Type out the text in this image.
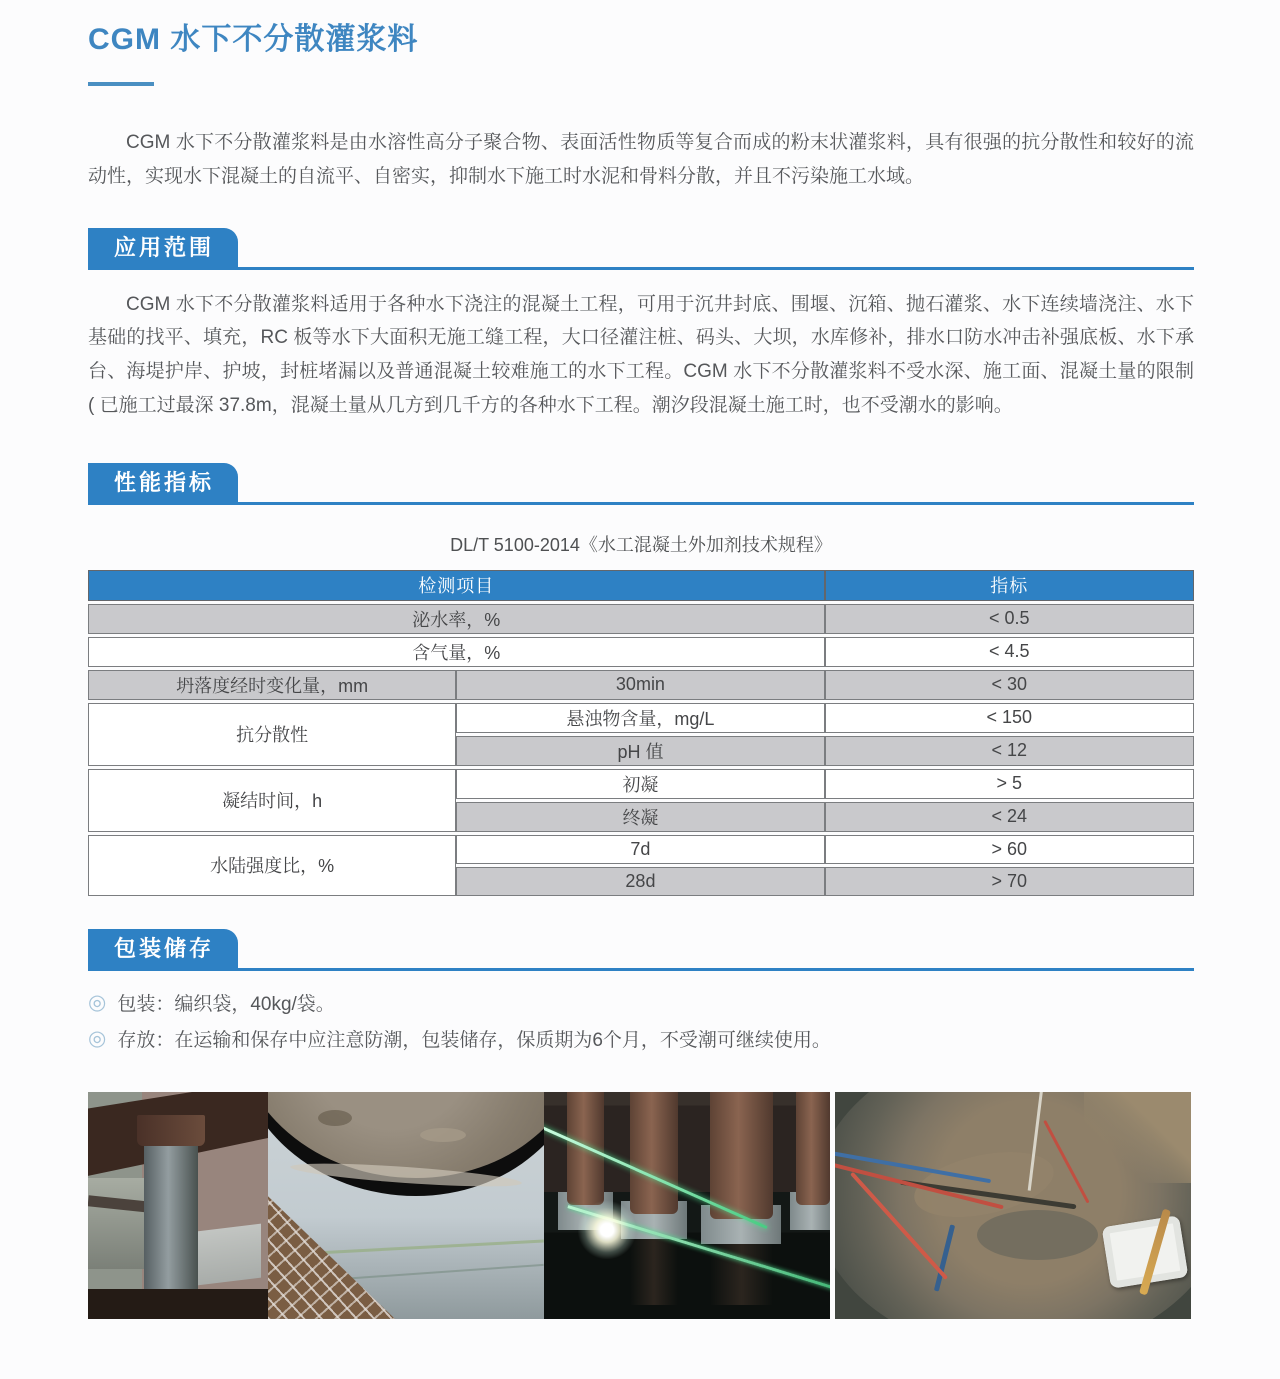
CGM 水下不分散灌浆料

CGM 水下不分散灌浆料是由水溶性高分子聚合物、表面活性物质等复合而成的粉末状灌浆料，具有很强的抗分散性和较好的流动性，实现水下混凝土的自流平、自密实，抑制水下施工时水泥和骨料分散，并且不污染施工水域。

应用范围

CGM 水下不分散灌浆料适用于各种水下浇注的混凝土工程，可用于沉井封底、围堰、沉箱、抛石灌浆、水下连续墙浇注、水下基础的找平、填充，RC 板等水下大面积无施工缝工程，大口径灌注桩、码头、大坝，水库修补，排水口防水冲击补强底板、水下承台、海堤护岸、护坡，封桩堵漏以及普通混凝土较难施工的水下工程。CGM 水下不分散灌浆料不受水深、施工面、混凝土量的限制 ( 已施工过最深 37.8m，混凝土量从几方到几千方的各种水下工程。潮汐段混凝土施工时，也不受潮水的影响。

性能指标

DL/T 5100-2014《水工混凝土外加剂技术规程》

检测项目		指标
泌水率，%		< 0.5
含气量，%		< 4.5
坍落度经时变化量，mm	30min	< 30
抗分散性	悬浊物含量，mg/L	< 150
	pH 值	< 12
凝结时间，h	初凝	> 5
	终凝	< 24
水陆强度比，%	7d	> 60
	28d	> 70
包装储存
◎ 包装：编织袋，40kg/袋。
◎ 存放：在运输和保存中应注意防潮，包装储存，保质期为6个月，不受潮可继续使用。
